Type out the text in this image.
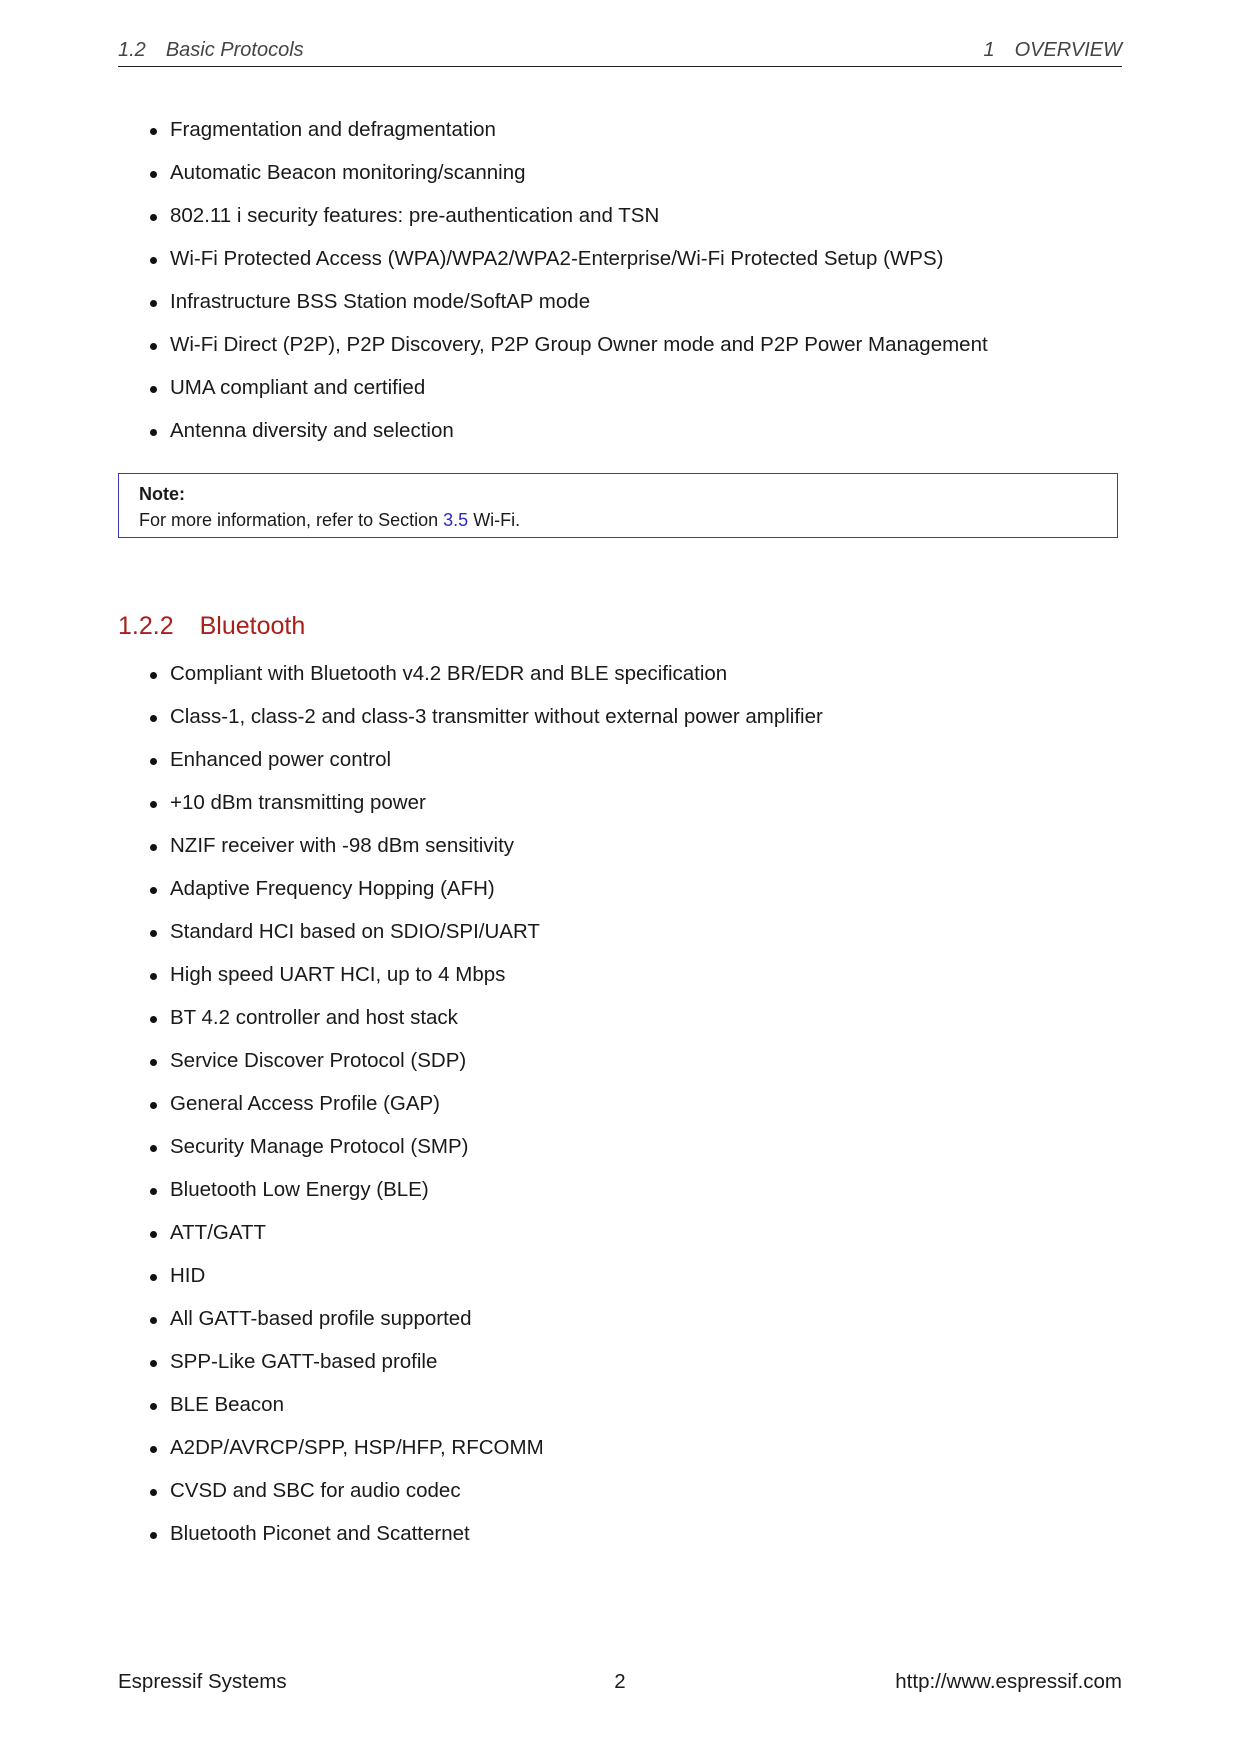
1.2 Basic Protocols	1 OVERVIEW
Fragmentation and defragmentation
Automatic Beacon monitoring/scanning
802.11 i security features: pre-authentication and TSN
Wi-Fi Protected Access (WPA)/WPA2/WPA2-Enterprise/Wi-Fi Protected Setup (WPS)
Infrastructure BSS Station mode/SoftAP mode
Wi-Fi Direct (P2P), P2P Discovery, P2P Group Owner mode and P2P Power Management
UMA compliant and certified
Antenna diversity and selection
Note:
For more information, refer to Section 3.5 Wi-Fi.
1.2.2 Bluetooth
Compliant with Bluetooth v4.2 BR/EDR and BLE specification
Class-1, class-2 and class-3 transmitter without external power amplifier
Enhanced power control
+10 dBm transmitting power
NZIF receiver with -98 dBm sensitivity
Adaptive Frequency Hopping (AFH)
Standard HCI based on SDIO/SPI/UART
High speed UART HCI, up to 4 Mbps
BT 4.2 controller and host stack
Service Discover Protocol (SDP)
General Access Profile (GAP)
Security Manage Protocol (SMP)
Bluetooth Low Energy (BLE)
ATT/GATT
HID
All GATT-based profile supported
SPP-Like GATT-based profile
BLE Beacon
A2DP/AVRCP/SPP, HSP/HFP, RFCOMM
CVSD and SBC for audio codec
Bluetooth Piconet and Scatternet
Espressif Systems	2	http://www.espressif.com
